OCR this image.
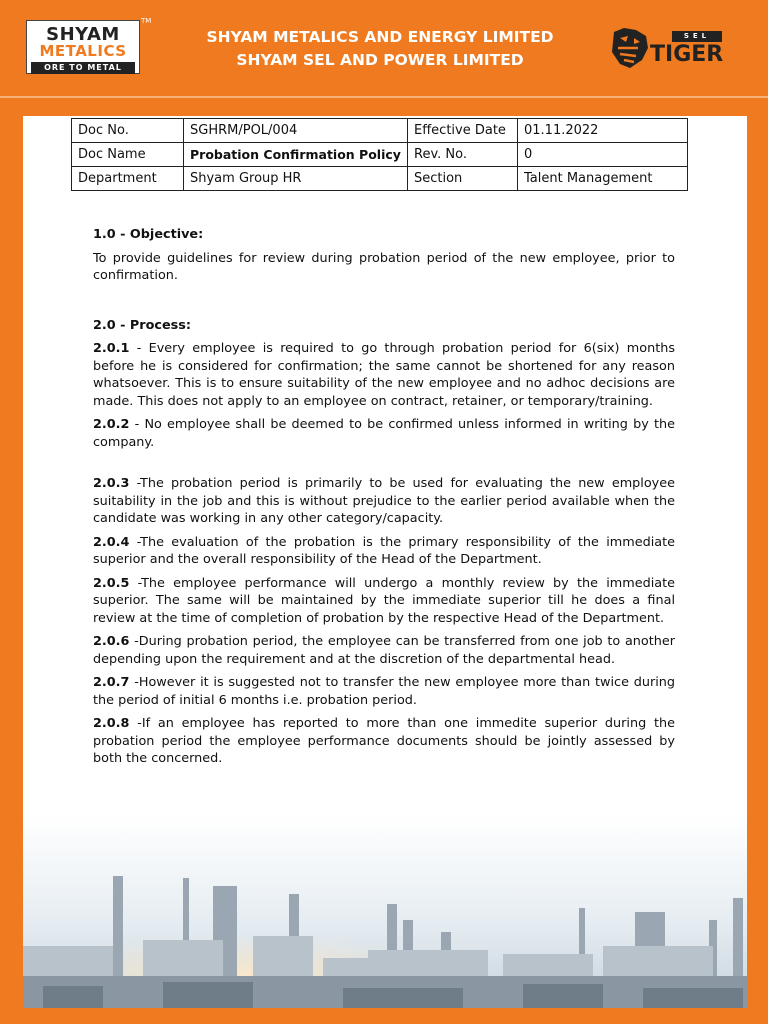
SHYAM
METALICS
ORE TO METAL
TM
SHYAM METALICS AND ENERGY LIMITED
SHYAM SEL AND POWER LIMITED
SEL
TIGER
Doc No.	SGHRM/POL/004	Effective Date	01.11.2022
Doc Name	Probation Confirmation Policy	Rev. No.	0
Department	Shyam Group HR	Section	Talent Management

1.0 - Objective:

To provide guidelines for review during probation period of the new employee, prior to confirmation.

2.0 - Process:

2.0.1 - Every employee is required to go through probation period for 6(six) months before he is considered for confirmation; the same cannot be shortened for any reason whatsoever. This is to ensure suitability of the new employee and no adhoc decisions are made. This does not apply to an employee on contract, retainer, or temporary/training.

2.0.2 - No employee shall be deemed to be confirmed unless informed in writing by the company.

2.0.3 -The probation period is primarily to be used for evaluating the new employee suitability in the job and this is without prejudice to the earlier period available when the candidate was working in any other category/capacity.

2.0.4 -The evaluation of the probation is the primary responsibility of the immediate superior and the overall responsibility of the Head of the Department.

2.0.5 -The employee performance will undergo a monthly review by the immediate superior. The same will be maintained by the immediate superior till he does a final review at the time of completion of probation by the respective Head of the Department.

2.0.6 -During probation period, the employee can be transferred from one job to another depending upon the requirement and at the discretion of the departmental head.

2.0.7 -However it is suggested not to transfer the new employee more than twice during the period of initial 6 months i.e. probation period.

2.0.8 -If an employee has reported to more than one immedite superior during the probation period the employee performance documents should be jointly assessed by both the concerned.
